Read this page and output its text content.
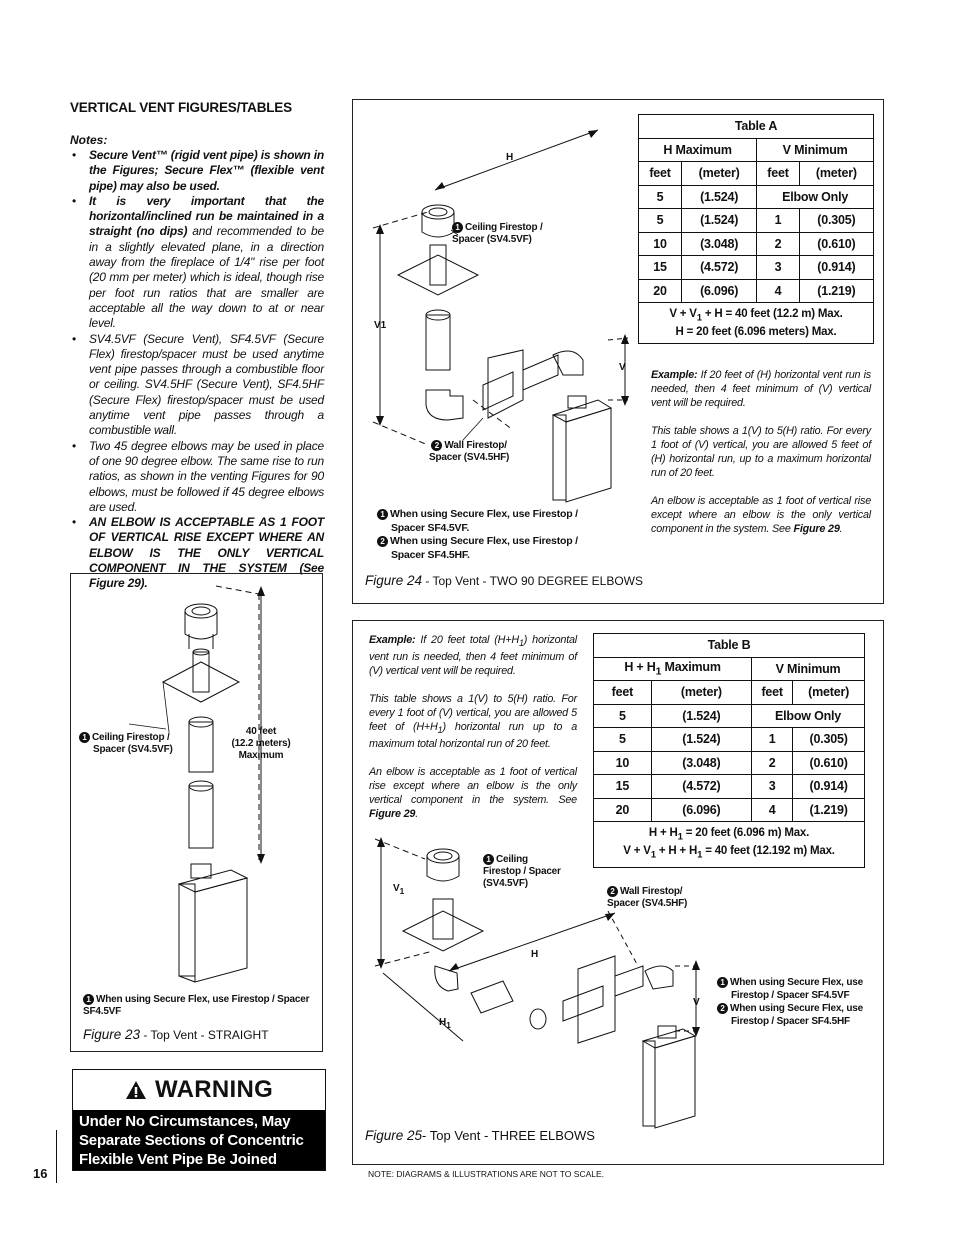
VERTICAL VENT FIGURES/TABLES
Notes:
• Secure Vent™ (rigid vent pipe) is shown in the Figures; Secure Flex™ (flexible vent pipe) may also be used.
• It is very important that the horizontal/inclined run be maintained in a straight (no dips) and recommended to be in a slightly elevated plane, in a direction away from the fireplace of 1/4" rise per foot (20 mm per meter) which is ideal, though rise per foot run ratios that are smaller are acceptable all the way down to at or near level.
• SV4.5VF (Secure Vent), SF4.5VF (Secure Flex) firestop/spacer must be used anytime vent pipe passes through a combustible floor or ceiling. SV4.5HF (Secure Vent), SF4.5HF (Secure Flex) firestop/spacer must be used anytime vent pipe passes through a combustible wall.
• Two 45 degree elbows may be used in place of one 90 degree elbow. The same rise to run ratios, as shown in the venting Figures for 90 elbows, must be followed if 45 degree elbows are used.
• AN ELBOW IS ACCEPTABLE AS 1 FOOT OF VERTICAL RISE EXCEPT WHERE AN ELBOW IS THE ONLY VERTICAL COMPONENT IN THE SYSTEM (See Figure 29).
1 Ceiling Firestop /
Spacer (SV4.5VF)
40 feet
(12.2 meters)
Maximum
1 When using Secure Flex, use Firestop / Spacer SF4.5VF
Figure 23 - Top Vent - STRAIGHT
WARNING
Under No Circumstances, May Separate Sections of Concentric Flexible Vent Pipe Be Joined Together.
16
H
V1
V
1 Ceiling Firestop /
Spacer (SV4.5VF)
2 Wall Firestop/
Spacer (SV4.5HF)
1 When using Secure Flex, use Firestop /
Spacer SF4.5VF.
2 When using Secure Flex, use Firestop /
Spacer SF4.5HF.
Figure 24 - Top Vent - TWO 90 DEGREE ELBOWS
Table A			
H Maximum		V Minimum	
feet	(meter)	feet	(meter)
5	(1.524)	Elbow Only	
5	(1.524)	1	(0.305)
10	(3.048)	2	(0.610)
15	(4.572)	3	(0.914)
20	(6.096)	4	(1.219)
$V + V_1 + H = 40$ feet (12.2 m) Max.
H = 20 feet (6.096 meters) Max.			

Example: If 20 feet of (H) horizontal vent run is needed, then 4 feet minimum of (V) vertical vent will be required.

This table shows a 1(V) to 5(H) ratio. For every 1 foot of (V) vertical, you are allowed 5 feet of (H) horizontal run, up to a maximum horizontal run of 20 feet.

An elbow is acceptable as 1 foot of vertical rise except where an elbow is the only vertical component in the system. See Figure 29.

Example: If 20 feet total $(H+H_1)$ horizontal vent run is needed, then 4 feet minimum of (V) vertical vent will be required.

This table shows a 1(V) to 5(H) ratio. For every 1 foot of (V) vertical, you are allowed 5 feet of $(H+H_1)$ horizontal run up to a maximum total horizontal run of 20 feet.

An elbow is acceptable as 1 foot of vertical rise except where an elbow is the only vertical component in the system. See Figure 29.

Table B			
$H + H_1$ Maximum		V Minimum	
feet	(meter)	feet	(meter)
5	(1.524)	Elbow Only	
5	(1.524)	1	(0.305)
10	(3.048)	2	(0.610)
15	(4.572)	3	(0.914)
20	(6.096)	4	(1.219)
$H + H_1 = 20$ feet (6.096 m) Max.
$V + V_1 + H + H_1 = 40$ feet (12.192 m) Max.			
$V_1$
H
$H_1$
V
1 Ceiling
Firestop / Spacer
(SV4.5VF)
2 Wall Firestop/
Spacer (SV4.5HF)
1 When using Secure Flex, use
Firestop / Spacer SF4.5VF
2 When using Secure Flex, use
Firestop / Spacer SF4.5HF
Figure 25- Top Vent - THREE ELBOWS
NOTE: DIAGRAMS & ILLUSTRATIONS ARE NOT TO SCALE.
